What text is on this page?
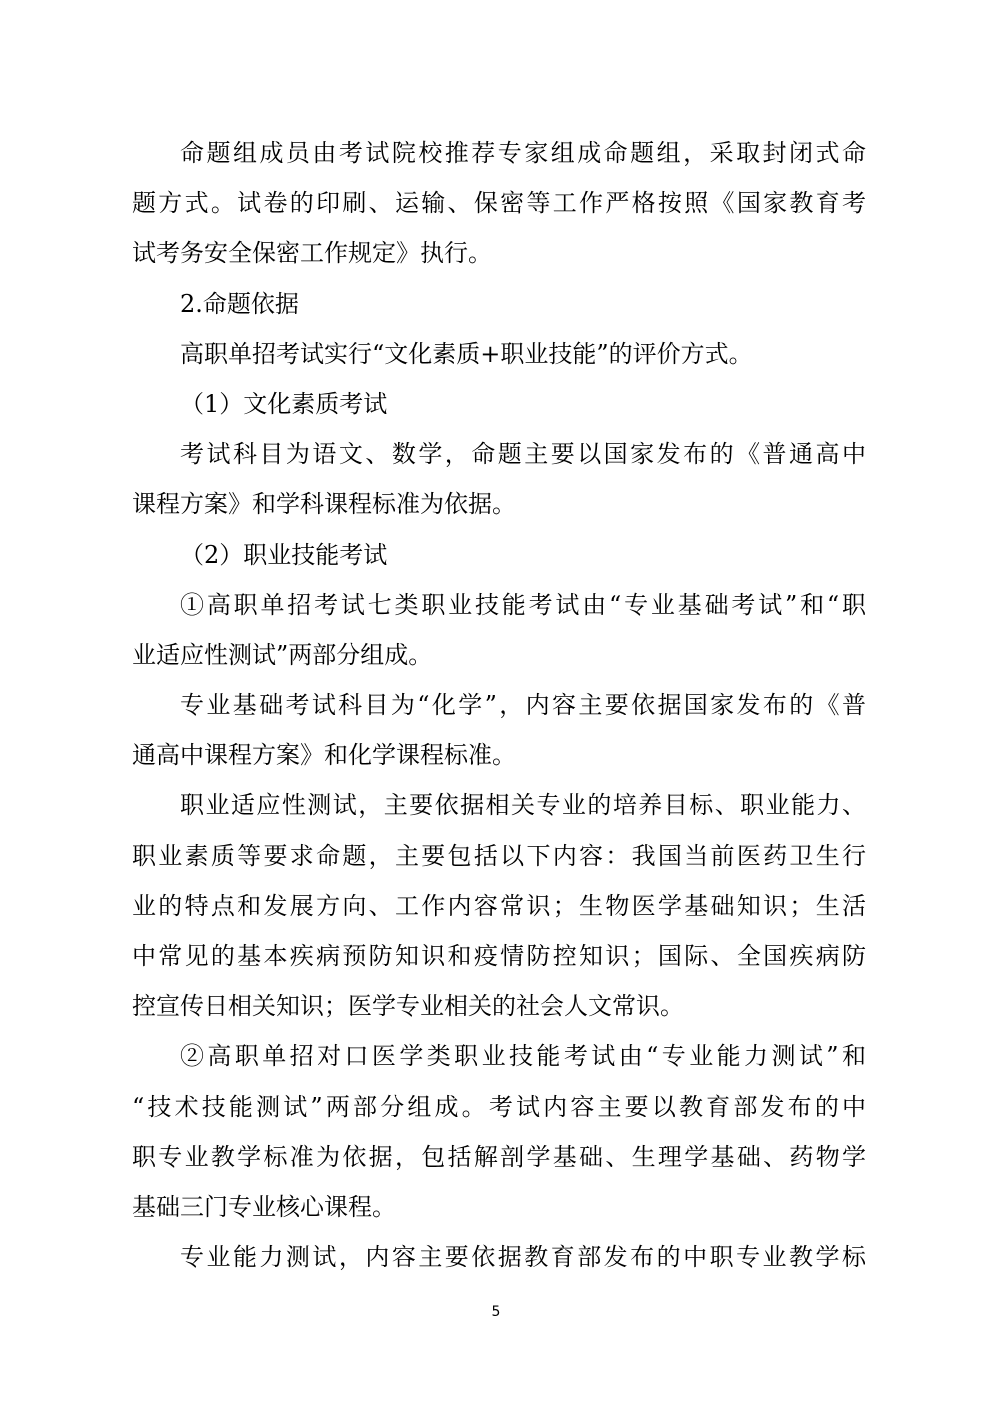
命题组成员由考试院校推荐专家组成命题组，采取封闭式命
题方式。试卷的印刷、运输、保密等工作严格按照《国家教育考
试考务安全保密工作规定》执行。
2.命题依据
高职单招考试实行“文化素质+职业技能”的评价方式。
（1）文化素质考试
考试科目为语文、数学，命题主要以国家发布的《普通高中
课程方案》和学科课程标准为依据。
（2）职业技能考试
①高职单招考试七类职业技能考试由“专业基础考试”和“职
业适应性测试”两部分组成。
专业基础考试科目为“化学”，内容主要依据国家发布的《普
通高中课程方案》和化学课程标准。
职业适应性测试，主要依据相关专业的培养目标、职业能力、
职业素质等要求命题，主要包括以下内容：我国当前医药卫生行
业的特点和发展方向、工作内容常识；生物医学基础知识；生活
中常见的基本疾病预防知识和疫情防控知识；国际、全国疾病防
控宣传日相关知识；医学专业相关的社会人文常识。
②高职单招对口医学类职业技能考试由“专业能力测试”和
“技术技能测试”两部分组成。考试内容主要以教育部发布的中
职专业教学标准为依据，包括解剖学基础、生理学基础、药物学
基础三门专业核心课程。
专业能力测试，内容主要依据教育部发布的中职专业教学标
5
